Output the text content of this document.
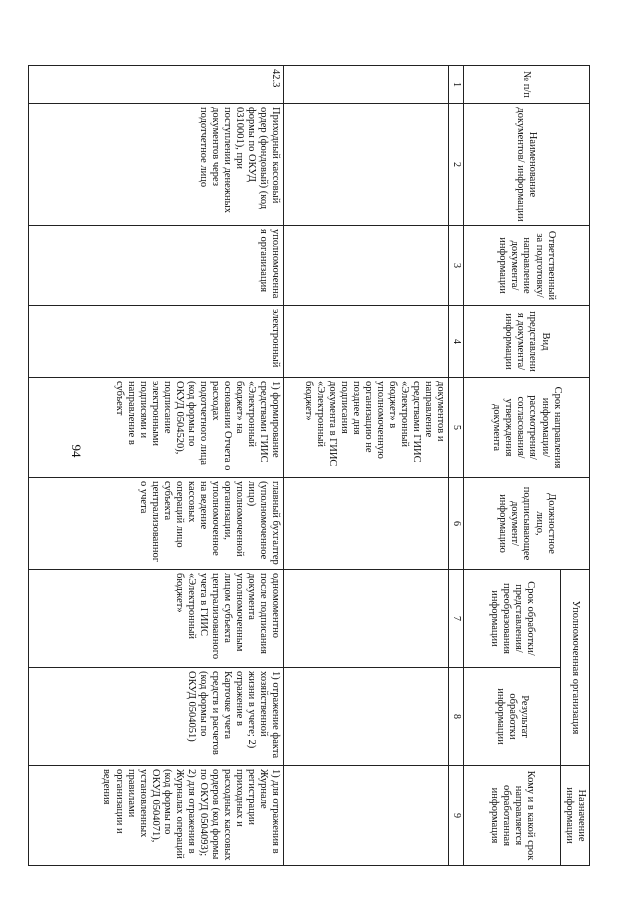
94
№ п/п	Наименование документов/ информации	Ответственный за подготовку/ направление документа/ информации	Вид представления документа/ информации	Срок направления информации/ рассмотрения/ согласования/ утверждения документа	Должностное лицо, подписывающее документ/ информацию	Уполномоченная организация		Назначение информации
						Срок обработки/ представления/ преобразования информации	Результат обработки информации	Кому и в какой срок направляется обработанная информация
1	2	3	4	5	6	7	8	9
				документов и направление средствами ГИИС «Электронный бюджет» в уполномоченную организацию не позднее дня подписания документа в ГИИС «Электронный бюджет»				
42.3	Приходный кассовый ордер (фондовый) (код формы по ОКУД 0310001), при поступлении денежных документов через подотчетное лицо	уполномоченная организация	электронный	1) формирование средствами ГИИС «Электронный бюджет» на основании Отчета о расходах подотчетного лица (код формы по ОКУД 0504520), подписание электронными подписями и направление в субъект	главный бухгалтер (уполномоченное лицо) уполномоченной организации, уполномоченное на ведение кассовых операций лицо субъекта централизованного учета	одномоментно после подписания документа уполномоченным лицом субъекта централизованного учета в ГИИС «Электронный бюджет»	1) отражение факта хозяйственной жизни в учете; 2) отражение в Карточке учета средств и расчетов (код формы по ОКУД 0504051)	1) для отражения в Журнале регистрации приходных и расходных кассовых ордеров (код формы по ОКУД 0504093); 2) для отражения в Журналах операций (код формы по ОКУД 0504071), установленных правилами организации и ведения
